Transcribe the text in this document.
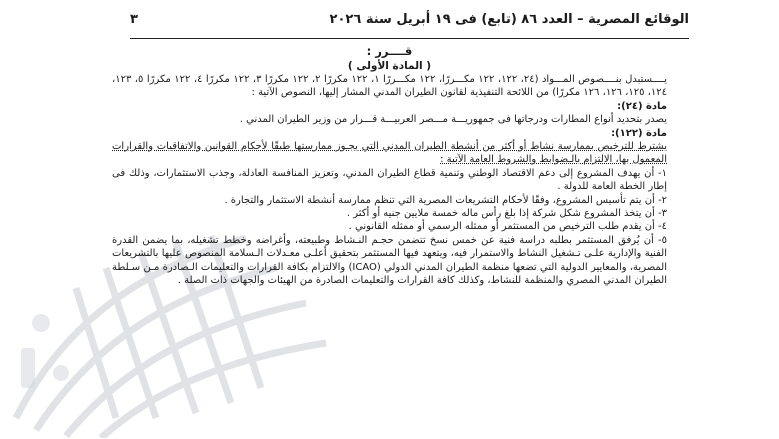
الوقائع المصرية – العدد ٨٦ (تابع) فى ١٩ أبريل سنة ٢٠٢٦
٣
قــــرر :
( المادة الأولى )

يــــستبدل بنــــصوص المـــواد (٢٤، ١٢٢، ١٢٢ مكـــررًا، ١٢٢ مكـــررًا ١، ١٢٢ مكررًا ٢، ١٢٢ مكررًا ٣، ١٢٢ مكررًا ٤، ١٢٢ مكررًا ٥، ١٢٣، ١٢٤، ١٢٥، ١٢٦، ١٢٦ مكررًا) من اللائحة التنفيذية لقانون الطيران المدني المشار إليها، النصوص الآتية :

مادة (٢٤):

يصدر بتحديد أنواع المطارات ودرجاتها فى جمهوريـــة مـــصر العربيـــة قـــرار من وزير الطيران المدني .

مادة (١٢٢):

يشترط للترخيص بممارسة نشاط أو أكثر من أنشطة الطيران المدني التي يجـوز ممارستها طبقًا لأحكام القوانين والاتفاقيات والقرارات المعمول بها، الالتزام بالـضوابط والشروط العامة الآتية :

١- أن يهدف المشروع إلى دعم الاقتصاد الوطني وتنمية قطاع الطيران المدني، وتعزيز المنافسة العادلة، وجذب الاستثمارات، وذلك فى إطار الخطة العامة للدولة .

٢- أن يتم تأسيس المشروع، وفقًا لأحكام التشريعات المصرية التي تنظم ممارسة أنشطة الاستثمار والتجارة .

٣- أن يتخذ المشروع شكل شركة إذا بلغ رأس ماله خمسة ملايين جنيه أو أكثر .

٤- أن يقدم طلب الترخيص من المستثمر أو ممثله الرسمي أو ممثله القانوني .

٥- أن يُرفق المستثمر بطلبه دراسة فنية عن خمس نسخ تتضمن حجـم النـشاط وطبيعته، وأغراضه وخطط تشغيله، بما يضمن القدرة الفنية والإدارية علـى تـشغيل النشاط والاستمرار فيه، ويتعهد فيها المستثمر بتحقيق أعلـى معـدلات الـسلامة المنصوص عليها بالتشريعات المصرية، والمعايير الدولية التي تضعها منظمة الطيران المدني الدولي (ICAO) والالتزام بكافة القرارات والتعليمات الـصادرة مـن سـلطة الطيران المدني المصري والمنظمة للنشاط، وكذلك كافة القرارات والتعليمات الصادرة من الهيئات والجهات ذات الصلة .
